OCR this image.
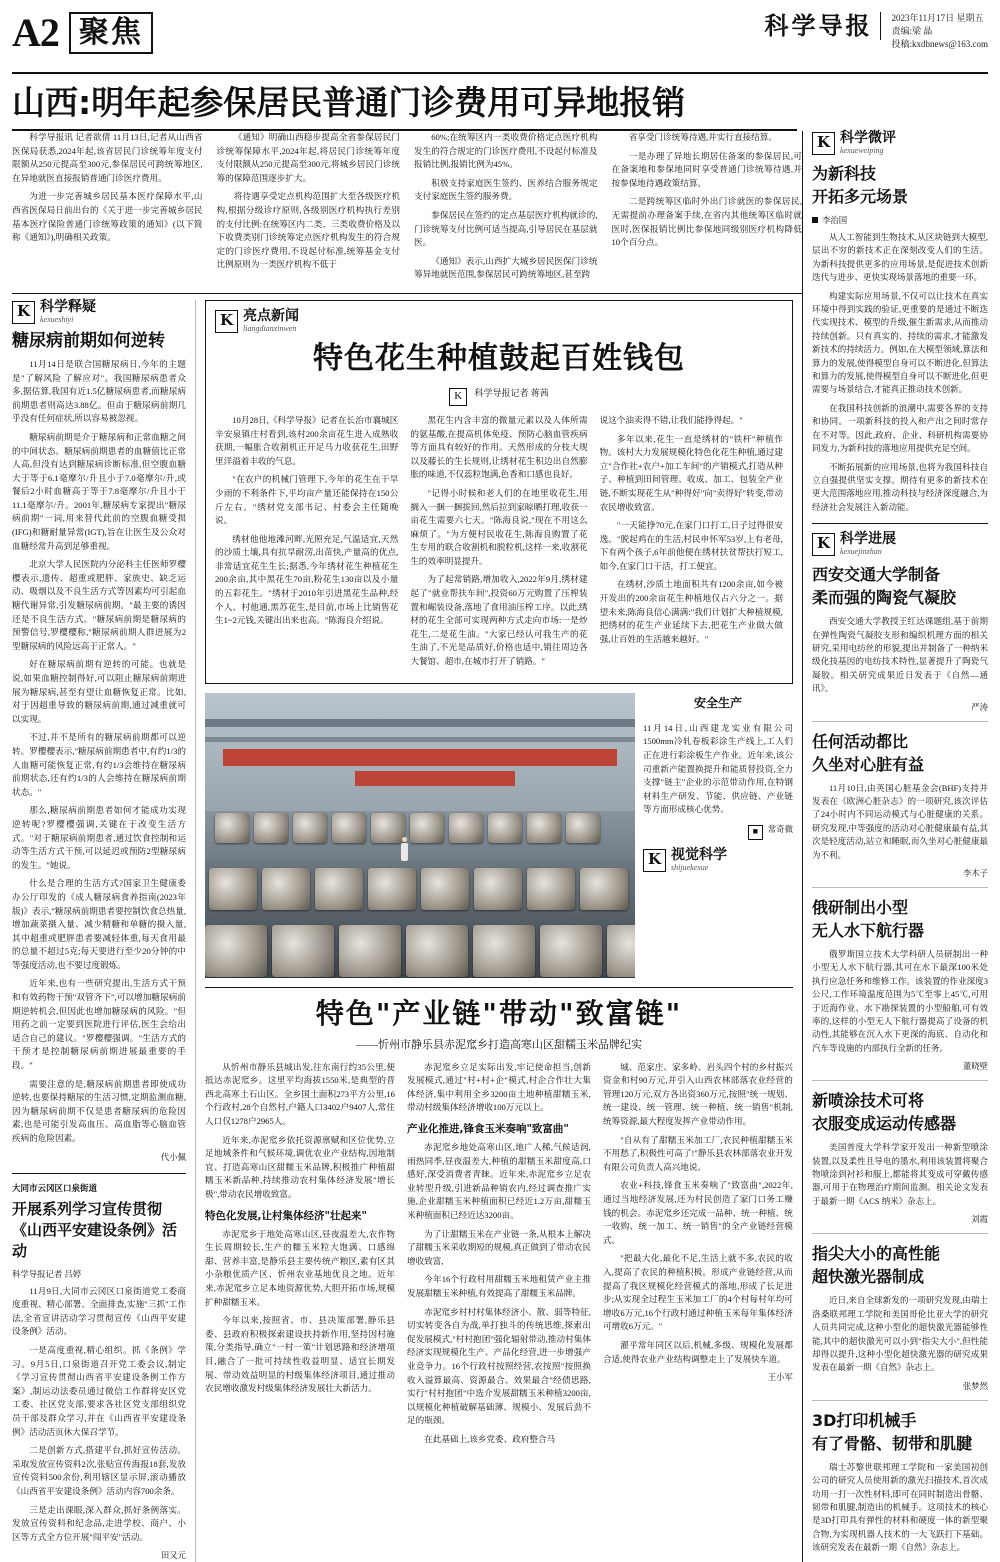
A2 聚焦	科学导报	2023年11月17日 星期五
责编:梁 晶
投稿:kxdbnews@163.com
山西:明年起参保居民普通门诊费用可异地报销

科学导报讯 记者欲倩 11月13日,记者从山西省医保局获悉,2024年起,该省居民门诊统筹年度支付限额从250元提高至300元,参保居民可跨统筹地区,在异地就医直接报销普通门诊医疗费用。

为进一步完善城乡居民基本医疗保障水平,山西省医保局日前出台的《关于进一步完善城乡居民基本医疗保险普通门诊统筹政策的通知》(以下简称《通知》),明确相关政策。

《通知》明确山西稳步提高全省参保居民门诊统筹保障水平,2024年起,将居民门诊统筹年度支付限额从250元提高至300元,将城乡居民门诊统筹的保障范围逐步扩大。

将待遇享受定点机构范围扩大至各级医疗机构,根据分级诊疗原则,各级别医疗机构执行差别的支付比例:在统筹区内二类、三类收费价格及以下收费类别门诊统筹定点医疗机构发生的符合规定的门诊医疗费用,不设起付标准,统筹基金支付比例原则为一类医疗机构不低于

60%;在统筹区内一类收费价格定点医疗机构发生的符合规定的门诊医疗费用,不设起付标准及报销比例,报销比例为45%。

积极支持家庭医生签约、医养结合服务规定支付家庭医生签约服务费。

参保居民在签约的定点基层医疗机构就诊的,门诊统筹支付比例可适当提高,引导居民在基层就医。

《通知》表示,山西扩大城乡居民医保门诊统筹异地就医范围,参保居民可跨统筹地区,甚至跨

省享受门诊统筹待遇,并实行直接结算。

一是办理了异地长期居住备案的参保居民,可在备案地和参保地同时享受普通门诊统筹待遇,并按参保地待遇政策结算。

二是跨统筹区临时外出门诊就医的参保居民,无需提前办理备案手续,在省内其他统筹区临时就医时,医保报销比例比参保地同级别医疗机构降低10个百分点。

K 科学释疑
kexueshiyi
糖尿病前期如何逆转

11月14日是联合国糖尿病日,今年的主题是"了解风险 了解应对"。我国糖尿病患者众多,据估算,我国有近1.5亿糖尿病患者,而糖尿病前期患者则高达3.88亿。但由于糖尿病前期几乎没有任何症状,所以容易被忽视。

糖尿病前期是介于糖尿病和正常血糖之间的中间状态。糖尿病前期患者的血糖值比正常人高,但没有达到糖尿病诊断标准,但空腹血糖大于等于6.1毫摩尔/升且小于7.0毫摩尔/升,或餐后2小时血糖高于等于7.8毫摩尔/升且小于11.1毫摩尔/升。2001年,糖尿病专家提出"糖尿病前期"一词,用来替代此前的空腹血糖受损(IFG)和糖耐量异常(IGT),旨在让医生及公众对血糖经常升高到足够重视。

北京大学人民医院内分泌科主任医师罗樱樱表示,遗传、超重或肥胖、家族史、缺乏运动、吸烟以及不良生活方式等因素均可引起血糖代谢异常,引发糖尿病前期。"最主要的诱因还是不良生活方式。"糖尿病前期是糖尿病的预警信号,罗樱樱称,"糖尿病前期人群进展为2型糖尿病的风险远高于正常人。"

好在糖尿病前期有逆转的可能。也就是说,如果血糖控制得好,可以阻止糖尿病前期进展为糖尿病,甚至有望让血糖恢复正常。比如,对于因超重导致的糖尿病前期,通过减重就可以实现。

不过,并不是所有的糖尿病前期都可以逆转。罗樱樱表示,"糖尿病前期患者中,有约1/3的人血糖可能恢复正常,有约1/3会维持在糖尿病前期状态,还有约1/3的人会维持在糖尿病前期状态。"

那么,糖尿病前期患者如何才能成功实现逆转呢?罗樱樱强调,关键在于改变生活方式。"对于糖尿病前期患者,通过饮食控制和运动等生活方式干预,可以延迟或预防2型糖尿病的发生。"她说。

什么是合理的生活方式?国家卫生健康委办公厅印发的《成人糖尿病食养指南(2023年版)》表示,"糖尿病前期患者要控制饮食总热量,增加蔬菜摄入量、减少精糖和单糖的摄入量,其中超重或肥胖患者要减轻体重,每天食用最的总量不超过5克;每天要进行至少20分钟的中等强度活动,也不要过度锻炼。

近年来,也有一些研究提出,生活方式干预和有效药物干预"双管齐下",可以增加糖尿病前期逆转机会,但因此也增加糖尿病的风险。"但用药之前一定要到医院进行评估,医生会给出适合自己的建议。"罗樱樱强调。"生活方式的干预才是控制糖尿病前期进展最重要的手段。"

需要注意的是,糖尿病前期患者即使成功逆转,也要保持糖尿的生活习惯,定期监测血糖,因为糖尿病前期不仅是患者糖尿病的危险因素,也是可能引发高血压、高血脂等心脑血管疾病的危险因素。

代小佩
大同市云冈区口泉街道
开展系列学习宣传贯彻《山西平安建设条例》活动
科学导报记者 吕婷

11月9日,大同市云冈区口泉街道党工委商度重视、精心部署、全面排查,实施"三抓"工作法,全省宣讲活动学习贯彻宣传《山西平安建设条例》活动。

一是高度重视,精心组织。抓《条例》学习。9月5日,口泉街道召开党工委会议,制定《学习宣传贯彻山西省平安建设条例工作方案》,制运动法委员通过微信工作群将安区党工委、社区党支部,要求各社区党支部组织党员干部及群众学习,并在《山西省平安建设条例》活动活页休大保召学节。

二是创新方式,搭建平台,抓好宣传活动。采取发放宣传资料2次,张贴宣传海报18套,发放宣传资料500余份,利用辖区显示屏,滚动播放《山西省平安建设条例》活动内容700余条。

三是走出课眼,深入群众,抓好条例落实。发放宣传资料和纪念品,走进学校、商户、小区等方式全方位开展"闯平安"活动。

田又元
K 亮点新闻
liangdianxinwen
特色花生种植鼓起百姓钱包
K 科学导报记者 蒋茜

10月28日,《科学导报》记者在长治市襄城区辛安泉镇庄村看到,该村200余亩花生进入成熟收获期,一幅胀合收割机正开足马力收获花生,田野里洋溢着丰收的气息。

"在农户的机械门管理下,今年的花生在干旱少雨的不利条件下,平均亩产量还能保持在150公斤左右。"绣材党支部书记、村委会主任随晚说。

绣材他他地滩河畔,光照充足,气温适宜,天然的沙质土壤,具有抗旱耐涝,出苗快,产量高的优点,非常适宜花生生长;据悉,今年绣材花生种植花生200余亩,其中黑花生70亩,粉花生130亩以及小量的五彩花生。"绣材于2010年引进黑花生品种,经个人、村他通,黑苏花生,是目前,市场上比销售花生1~2元钱,关键出出来也高。"陈海良介绍说。

黑花生内含丰富的微量元素以及人体所需的氨基酸,在提高机体免疫、预防心脑血管疾病等方面具有较好的作用。天然形成的分枝大规以及藤长的生长规则,让绣材花生积边出自然膨胀的味道,不仅蕊粒饱满,色香和口感也良好。

"记得小时候和老人们的在地里收花生,用搁入一捆一捆拔回,然后拉到家晾晒打理,收获一亩花生需要六七天。"陈海良说,"现在不用这么麻烦了。"为方便村民收花生,陈海良购置了花生专用的联合收割机和脱粒机,这样一来,收割花生的效率明显提升。

为了起常销路,增加收入,2022年9月,绣材建起了"就业帮扶车间",投资60万元购置了压榨装置和崛装设备,落地了食用油压榨工序。以此,绣材的花生全部可实现两种方式走向市场:一是炒花生,二是花生油。"大家已经认可我生产的花生油了,不光是品质好,价格也适中,销往周边各大餐馆、超市,在城市打开了销路。"

说这个油卖得不错,让我们能挣得起。"

多年以来,花生一直是绣材的"铁杆"种植作物。该村大力发展规模化特色化花生种植,通过建立"合作社+农户+加工车间"的产销模式,打造从种子、种植到田间管理、收成、加工、包装全产业链,不断实现花生从"种得好"向"卖得好"转变,带动农民增收致富。

"一天能挣70元,在家门口打工,日子过得很安逸。"脱起鸡在的生活,村民申怀军53岁,上有老母,下有两个孩子,6年前他便在绣材扶贫帮扶打短工,如今,在家门口干活，打工便宜。

在绣材,沙质土地面积共有1200余亩,如今被开发出的200余亩花生种植地仅占六分之一。据望未来,陈海良信心满满:"我们计划扩大种植规模,把绣材的花生产业延续下去,把花生产业做大做强,让百姓的生活越来越好。"

安全生产

11月14日,山西建龙实业有限公司1500mm冷轧卷板彩涂生产线上,工人们正在进行彩涂板生产作业。近年来,该公司重新产能置换提升和能质替投资,全力支撑"链主"企业的示范带动作用,在特钢材料生产研发、节能、供应链、产业链等方面形成核心优势。

■ 常奇微
K 视觉科学
shijuekexue
特色"产业链"带动"致富链"
——忻州市静乐县赤泥窊乡打造高寒山区甜糯玉米品牌纪实

从忻州市静乐县城出发,往东南行约35公里,便抵达赤泥窊乡。这里平均海拔1550米,是典型的晋西北高寒土石山区。全乡国土面积273平方公里,16个行政村,28个自然村,户籍人口3402户9407人,常住人口仅1278户2965人。

近年来,赤泥窊乡依托资源禀赋和区位优势,立足地域条件和气候环境,调优农业产业结构,因地制宜、打造高寒山区甜糯玉米品牌,积极推广种植甜糯玉米新品种,持续推动农村集体经济发展"增长极",带动农民增收致富。

特色化发展,让村集体经济"壮起来"

赤泥窊乡于地处高寒山区,昼夜温差大,农作物生长周期较长,生产的糯玉米粒大饱满、口感绵甜、营养丰富,是静乐县主要传统产粮区,素有区其小杂粮优质产区、忻州农业基地优良之地。近年来,赤泥窊乡立足本地资源优势,大胆开拓市场,规模扩种甜糯玉米。

今年以来,按照省、市、县决策部署,静乐县委、县政府积极探索建设扶持新作用,坚持因村施策,分类指导,确立"一村一策"计划思路和经济增项目,融合了一批可持续性收益明显、适宜长期发展、带动效益明显的村级集体经济项目,通过推动农民增收激发村级集体经济发展壮大新活力。

赤泥窊乡立足实际出发,牢记使命担当,创新发展模式,通过"村+村+企"模式,村企合作壮大集体经济,集中利用全乡3200亩土地种植甜糯玉米,带动村级集体经济增收100万元以上。

产业化推进,锋食玉米奏响"致富曲"

赤泥窊乡地处高寒山区,地广人稀,气候适润,雨热同季,昼夜温差大,种植的甜糯玉米甜度高,口感好,深受消费者青睐。近年来,赤泥窊乡立足农业转型升级,引进新品种销农内,经过调查推广实施,企业甜糯玉米种植面积已经近1.2万亩,甜糯玉米种植面积已经近达3200亩。

为了让甜糯玉米在产业链一条,从根本上解决了甜糯玉米采收期短的规模,真正做到了带动农民增收致富,

今年16个行政村用甜糯玉米地租赁产业主推发展甜糯玉米种植,有效提高了甜糯玉米品牌。

赤泥窊乡村村村集体经济小、散、弱等特征,切实转变各自为战,单打独斗的传统思维,探索出促发展模式,"村村抱团"强化辐射带动,推动村集体经济实现规模化生产、产品化经营,进一步增强产业竞争力。16个行政村按照经营,农按照"按照换收入溢算最高、资源最合、效果最合"经债思路,实行"村村抱团"中选介发展甜糯玉米种植3200亩,以规模化种植破解基础薄、规模小、发展后劲不足的瓶颈。

在此基础上,该乡党委、政府整合马

城、范家庄、家多岭、岩头四个村的乡村振兴资金和村90万元,并引入山西农林部落农业经营的管理120万元,双方各出资360万元,按照"统一规划、统一建设、统一管理、统一种植、统一销售"机制,统筹资源,最大程度发挥产业带动作用。

"自从有了甜糯玉米加工厂,农民种植甜糯玉米不用愁了,积极性可高了!"静乐县农林部落农业开发有限公司负责人高兴地说。

农业+科技,锋食玉米奏响了"致富曲",2022年,通过当地经济发展,还为村民创造了家门口务工赚钱的机会。赤泥窊乡还完成一品种、统一种植、统一收购、统一加工、统一销售"的全产业链经营模式。

"把最大化,最化不足,生活上就不多,农民的收入,提高了农民的种植积极。形成产业链经营,从而提高了我区规模化经营模式的落地,形成了长足进步;从实现全过程生玉米加工厂的4个村每村年均可增收6万元,16个行政村通过种植玉米每年集体经济可增收6万元。"

濯平常年同区以后,机械,多级、规模化发展都合适,使得农业产业结构调整走上了发展快车道。

王小军
K 科学微评
kexueweiping
为新科技
开拓多元场景
李治国

从人工智能到生物技术,从区块链到大模型,层出不穷的新技术正在深刻改变人们的生活。为新科技提供更多的应用场景,是促进技术创新迭代与进步、更快实现场景落地的重要一环。

构建实际应用场景,不仅可以让技术在真实环境中得到实践的验证,更重要的是通过不断迭代实现技术、模型的升级,催生新需求,从而推动持续创新。只有真实的、持续的需求,才能激发新技术的持续活力。例如,在大模型领域,算法和算力的发展,使得模型自身可以不断进化,但算法和算力的发展,使得模型自身可以不断进化,但更需要与场景结合,才能真正推动技术创新。

在我国科技创新的浪潮中,需要各界的支持和协同。一项新科技的投入和产出之间时常存在不对等。因此,政府、企业、科研机构需要协同发力,为新科技的落地应用提供充足空间。

不断拓展新的应用场景,也将为我国科技自立自强提供坚实支撑。期待有更多的新技术在更大范围落地应用,推动科技与经济深度融合,为经济社会发展注入新动能。

K 科学进展
kexuejinzhan
西安交通大学制备
柔而强的陶瓷气凝胶

西安交通大学教授王红达课题组,基于前期在弹性陶瓷气凝胶支形和编织机理方面的相关研究,采用电纺丝的形貌,提出并制备了一种纳米级化技基因的电纺技术特性,显著提升了陶瓷气凝胶。相关研究成果近日发表于《自然—通讯》。

严涛
任何活动都比
久坐对心脏有益

11月10日,由英国心脏基金会(BHF)支持并发表在《欧洲心脏杂志》的一项研究,该次评估了24小时内不同运动模式与心脏健康的关系。研究发现,中等强度的活动对心脏健康最有益,其次是轻度活动,站立和睡眠,而久坐对心脏健康最为不利。

李木子
俄研制出小型
无人水下航行器

俄罗斯国立技术大学科研人员研制出一种小型无人水下航行器,其可在水下最深100米处执行应急任务和维修工作。该装置的作业深度3公尺,工作环境温度范围为5℃至零上45℃,可用于近海作业、水下勘探装置的小型船舶,可有效率的,这样的小型无人下航行器提高了设备的机动性,其能够在沉入水下更深的海底、自动化和汽车等设施的内部执行全新的任务。

董晓壁
新喷涂技术可将
衣服变成运动传感器

美国普度大学科学家开发出一种新型喷涂装置,以及柔性且导电的墨水,利用该装置将聚合物喷涂到衬衫和服上,都能将其变成可穿戴传感器,可用于在物理治疗期间监测。相关论文发表于最新一期《ACS 纳米》杂志上。

刘霞
指尖大小的高性能
超快激光器制成

近日,来自全球新发的一项研究发现,由瑞士洛桑联邦理工学院和美国哥伦比亚大学的研究人员共同完成,这种小型化的超快激光器能够性能,其中的超快激光可以小到"指尖大小",但性能却得以提升,这种小型化超快激光器的研究成果发表在最新一期《自然》杂志上。

张梦然
3D打印机械手
有了骨骼、韧带和肌腱

瑞士苏黎世联邦理工学院和一家美国初创公司的研究人员使用新的激光扫描技术,首次成功用一打一次性材料,即可在同时制造出骨骼、韧带和肌腱,制造出的机械手。这项技术的核心是3D打印具有弹性的材料和硬度一体的新型聚合物,为实现机器人技术的一大飞跃打下基础。该研究发表在最新一期《自然》杂志上。
